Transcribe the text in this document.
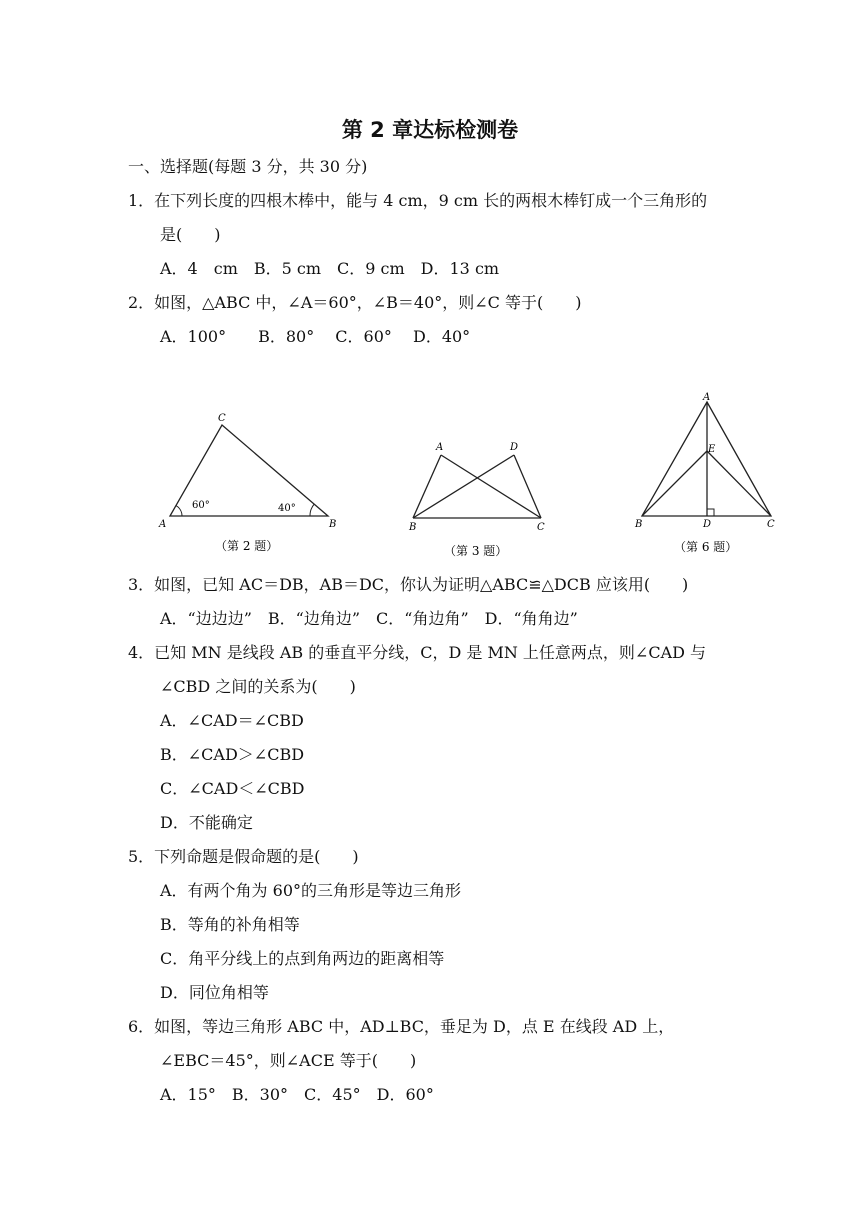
第 2 章达标检测卷
一、选择题(每题 3 分，共 30 分)
1．在下列长度的四根木棒中，能与 4 cm，9 cm 长的两根木棒钉成一个三角形的
是(　　)
A．4　cm　B．5 cm　C．9 cm　D．13 cm
2．如图，△ABC 中，∠A＝60°，∠B＝40°，则∠C 等于(　　)
A．100°　　B．80°　 C．60°　 D．40°
A	B
C
60°	40°
（第 2 题）
A	D
B	C
（第 3 题）
A
E
B	D	C
（第 6 题）
3．如图，已知 AC＝DB，AB＝DC，你认为证明△ABC≌△DCB 应该用(　　)
A．“边边边”　B．“边角边”　C．“角边角”　D．“角角边”
4．已知 MN 是线段 AB 的垂直平分线，C，D 是 MN 上任意两点，则∠CAD 与
∠CBD 之间的关系为(　　)
A．∠CAD＝∠CBD
B．∠CAD＞∠CBD
C．∠CAD＜∠CBD
D．不能确定
5．下列命题是假命题的是(　　)
A．有两个角为 60°的三角形是等边三角形
B．等角的补角相等
C．角平分线上的点到角两边的距离相等
D．同位角相等
6．如图，等边三角形 ABC 中，AD⊥BC，垂足为 D，点 E 在线段 AD 上，
∠EBC＝45°，则∠ACE 等于(　　)
A．15°　B．30°　C．45°　D．60°
